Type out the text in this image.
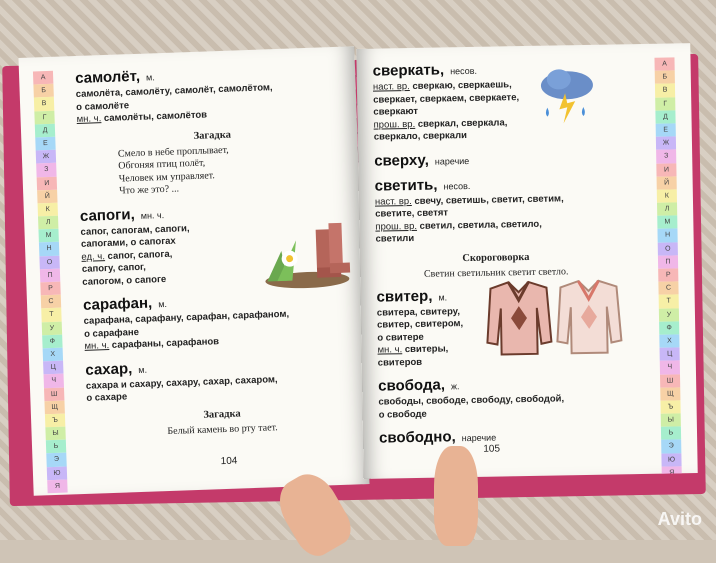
А
Б
В
Г
Д
Е
Ж
З
И
Й
К
Л
М
Н
О
П
Р
С
Т
У
Ф
Х
Ц
Ч
Ш
Щ
Ъ
Ы
Ь
Э
Ю
Я

самолёт, м.

самолёта, самолёту, самолёт, самолётом,
о самолёте
мн. ч. самолёты, самолётов
Загадка
Смело в небе проплывает,
Обгоняя птиц полёт,
Человек им управляет.
Что же это? ...

сапоги, мн. ч.

сапог, сапогам, сапоги,
сапогами, о сапогах
ед. ч. сапог, сапога,
сапогу, сапог,
сапогом, о сапоге

сарафан, м.

сарафана, сарафану, сарафан, сарафаном,
о сарафане
мн. ч. сарафаны, сарафанов

сахар, м.

сахара и сахару, сахару, сахар, сахаром,
о сахаре
Загадка
Белый камень во рту тает.
104
А
Б
В
Г
Д
Е
Ж
З
И
Й
К
Л
М
Н
О
П
Р
С
Т
У
Ф
Х
Ц
Ч
Ш
Щ
Ъ
Ы
Ь
Э
Ю
Я

сверкать, несов.

наст. вр. сверкаю, сверкаешь,
сверкает, сверкаем, сверкаете,
сверкают
прош. вр. сверкал, сверкала,
сверкало, сверкали

сверху, наречие

светить, несов.

наст. вр. свечу, светишь, светит, светим,
светите, светят
прош. вр. светил, светила, светило,
светили
Скороговорка
Светин светильник светит светло.

свитер, м.

свитера, свитеру,
свитер, свитером,
о свитере
мн. ч. свитеры,
свитеров

свобода, ж.

свободы, свободе, свободу, свободой,
о свободе

свободно, наречие

105
Avito
